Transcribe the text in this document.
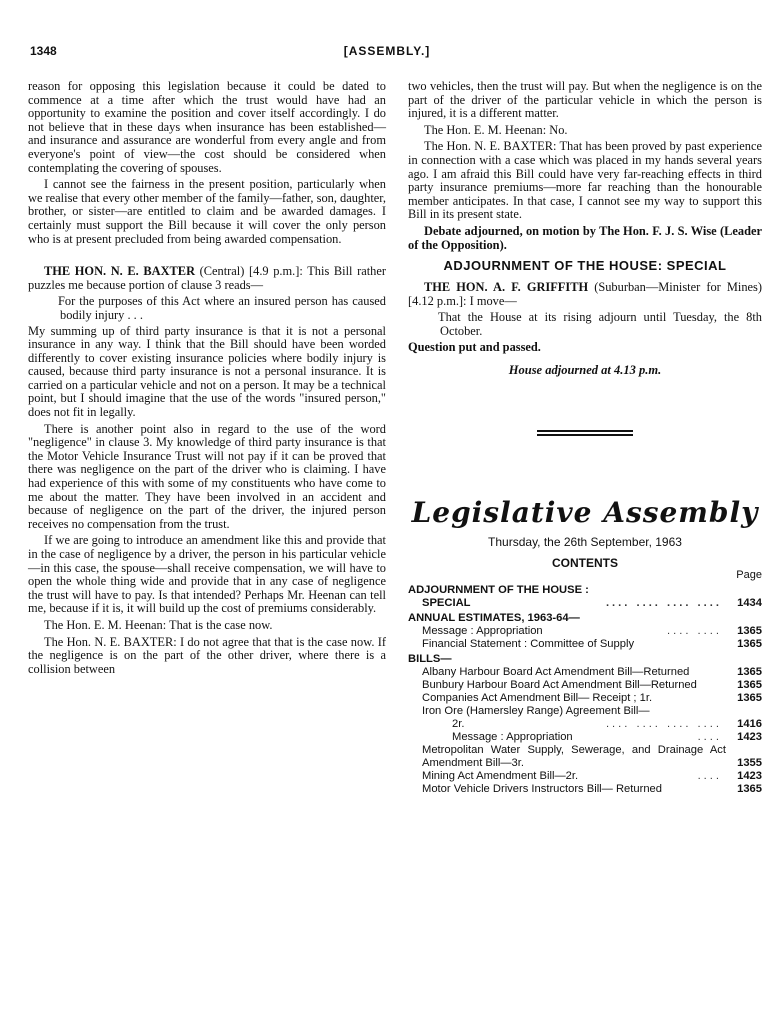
1348	[ASSEMBLY.]

reason for opposing this legislation because it could be dated to commence at a time after which the trust would have had an opportunity to examine the position and cover itself accordingly. I do not believe that in these days when insurance has been established—and insurance and assurance are wonderful from every angle and from everyone's point of view—the cost should be considered when contemplating the covering of spouses.

I cannot see the fairness in the present position, particularly when we realise that every other member of the family—father, son, daughter, brother, or sister—are entitled to claim and be awarded damages. I certainly must support the Bill because it will cover the only person who is at present precluded from being awarded compensation.

THE HON. N. E. BAXTER (Central) [4.9 p.m.]: This Bill rather puzzles me because portion of clause 3 reads—

For the purposes of this Act where an insured person has caused bodily injury . . .

My summing up of third party insurance is that it is not a personal insurance in any way. I think that the Bill should have been worded differently to cover existing insurance policies where bodily injury is caused, because third party insurance is not a personal insurance. It is carried on a particular vehicle and not on a person. It may be a technical point, but I should imagine that the use of the words "insured person," does not fit in legally.

There is another point also in regard to the use of the word "negligence" in clause 3. My knowledge of third party insurance is that the Motor Vehicle Insurance Trust will not pay if it can be proved that there was negligence on the part of the driver who is claiming. I have had experience of this with some of my constituents who have come to me about the matter. They have been involved in an accident and because of negligence on the part of the driver, the injured person receives no compensation from the trust.

If we are going to introduce an amendment like this and provide that in the case of negligence by a driver, the person in his particular vehicle—in this case, the spouse—shall receive compensation, we will have to open the whole thing wide and provide that in any case of negligence the trust will have to pay. Is that intended? Perhaps Mr. Heenan can tell me, because if it is, it will build up the cost of premiums considerably.

The Hon. E. M. Heenan: That is the case now.

The Hon. N. E. BAXTER: I do not agree that that is the case now. If the negligence is on the part of the other driver, where there is a collision between

two vehicles, then the trust will pay. But when the negligence is on the part of the driver of the particular vehicle in which the person is injured, it is a different matter.

The Hon. E. M. Heenan: No.

The Hon. N. E. BAXTER: That has been proved by past experience in connection with a case which was placed in my hands several years ago. I am afraid this Bill could have very far-reaching effects in third party insurance premiums—more far reaching than the honourable member anticipates. In that case, I cannot see my way to support this Bill in its present state.

Debate adjourned, on motion by The Hon. F. J. S. Wise (Leader of the Opposition).

ADJOURNMENT OF THE HOUSE: SPECIAL

THE HON. A. F. GRIFFITH (Suburban—Minister for Mines) [4.12 p.m.]: I move—

That the House at its rising adjourn until Tuesday, the 8th October.

Question put and passed.

House adjourned at 4.13 p.m.

Legislative Assembly
Thursday, the 26th September, 1963
CONTENTS
Page
ADJOURNMENT OF THE HOUSE :
SPECIAL	.... .... .... ....	1434
ANNUAL ESTIMATES, 1963-64—
Message : Appropriation	.... ....	1365
Financial Statement : Committee of Supply	1365
BILLS—
Albany Harbour Board Act Amendment Bill—Returned	1365
Bunbury Harbour Board Act Amendment Bill—Returned	1365
Companies Act Amendment Bill— Receipt ; 1r.	1365
Iron Ore (Hamersley Range) Agreement Bill—
2r.	.... .... .... ....	1416
Message : Appropriation	....	1423
Metropolitan Water Supply, Sewerage, and Drainage Act Amendment Bill—3r.	1355
Mining Act Amendment Bill—2r.	....	1423
Motor Vehicle Drivers Instructors Bill— Returned	1365
